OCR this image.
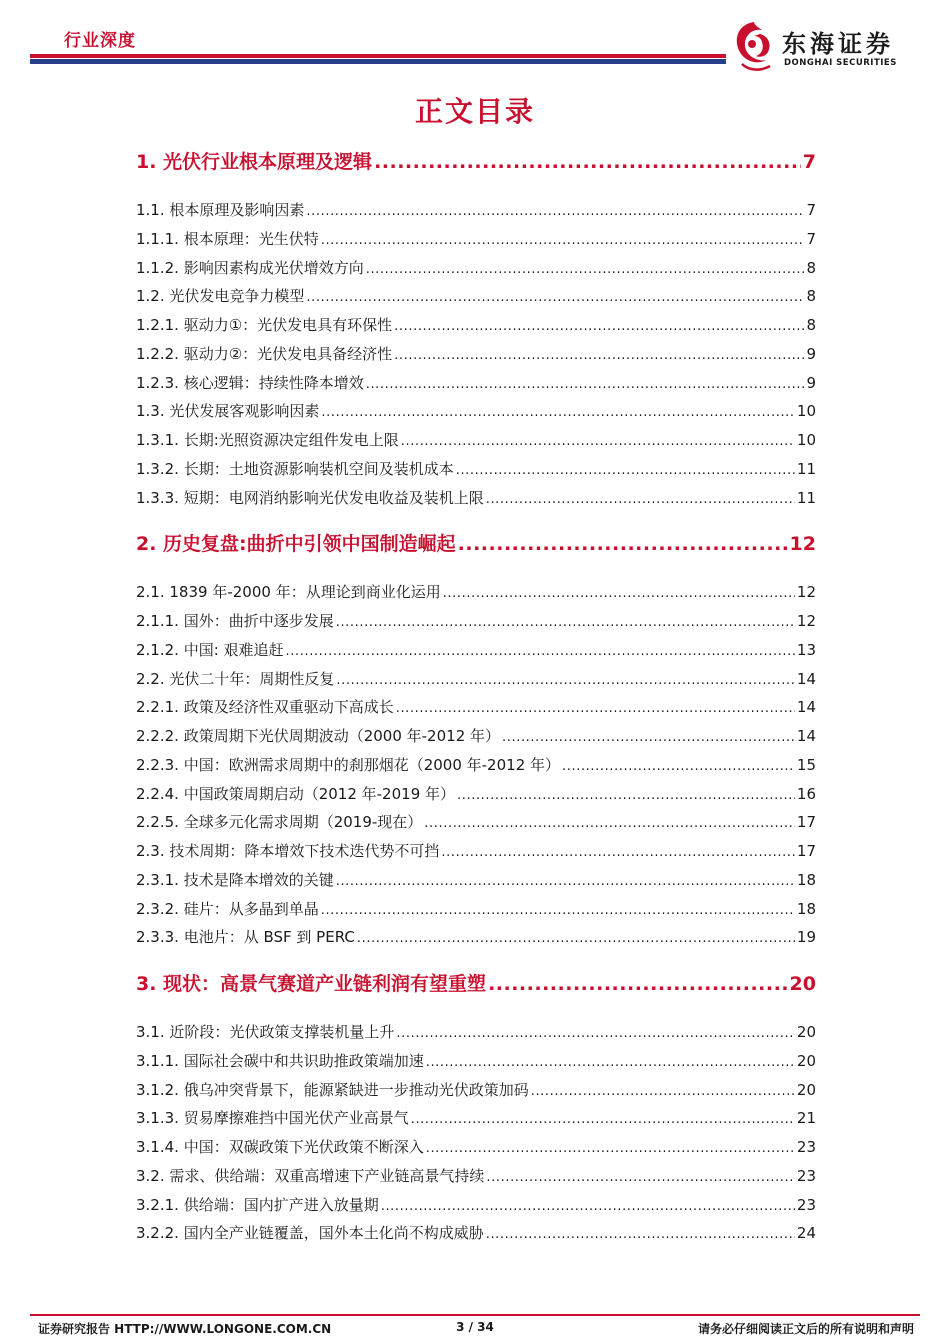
行业深度	东海证券
DONGHAI SECURITIES
正文目录
1. 光伏行业根本原理及逻辑 .....	7
1.1. 根本原理及影响因素 .....	7
1.1.1. 根本原理：光生伏特 .....	7
1.1.2. 影响因素构成光伏增效方向 .....	8
1.2. 光伏发电竞争力模型 .....	8
1.2.1. 驱动力①：光伏发电具有环保性 .....	8
1.2.2. 驱动力②：光伏发电具备经济性 .....	9
1.2.3. 核心逻辑：持续性降本增效 .....	9
1.3. 光伏发展客观影响因素 .....	10
1.3.1. 长期:光照资源决定组件发电上限 .....	10
1.3.2. 长期：土地资源影响装机空间及装机成本 .....	11
1.3.3. 短期：电网消纳影响光伏发电收益及装机上限 .....	11
2. 历史复盘:曲折中引领中国制造崛起 .....	12
2.1. 1839 年-2000 年：从理论到商业化运用 .....	12
2.1.1. 国外：曲折中逐步发展 .....	12
2.1.2. 中国: 艰难追赶 .....	13
2.2. 光伏二十年：周期性反复 .....	14
2.2.1. 政策及经济性双重驱动下高成长 .....	14
2.2.2. 政策周期下光伏周期波动（2000 年-2012 年） .....	14
2.2.3. 中国：欧洲需求周期中的刹那烟花（2000 年-2012 年） .....	15
2.2.4. 中国政策周期启动（2012 年-2019 年） .....	16
2.2.5. 全球多元化需求周期（2019-现在） .....	17
2.3. 技术周期：降本增效下技术迭代势不可挡 .....	17
2.3.1. 技术是降本增效的关键 .....	18
2.3.2. 硅片：从多晶到单晶 .....	18
2.3.3. 电池片：从 BSF 到 PERC .....	19
3. 现状：高景气赛道产业链利润有望重塑 .....	20
3.1. 近阶段：光伏政策支撑装机量上升 .....	20
3.1.1. 国际社会碳中和共识助推政策端加速 .....	20
3.1.2. 俄乌冲突背景下，能源紧缺进一步推动光伏政策加码 .....	20
3.1.3. 贸易摩擦难挡中国光伏产业高景气 .....	21
3.1.4. 中国：双碳政策下光伏政策不断深入 .....	23
3.2. 需求、供给端：双重高增速下产业链高景气持续 .....	23
3.2.1. 供给端：国内扩产进入放量期 .....	23
3.2.2. 国内全产业链覆盖，国外本土化尚不构成威胁 .....	24
证券研究报告 HTTP://WWW.LONGONE.COM.CN	3 / 34	请务必仔细阅读正文后的所有说明和声明
